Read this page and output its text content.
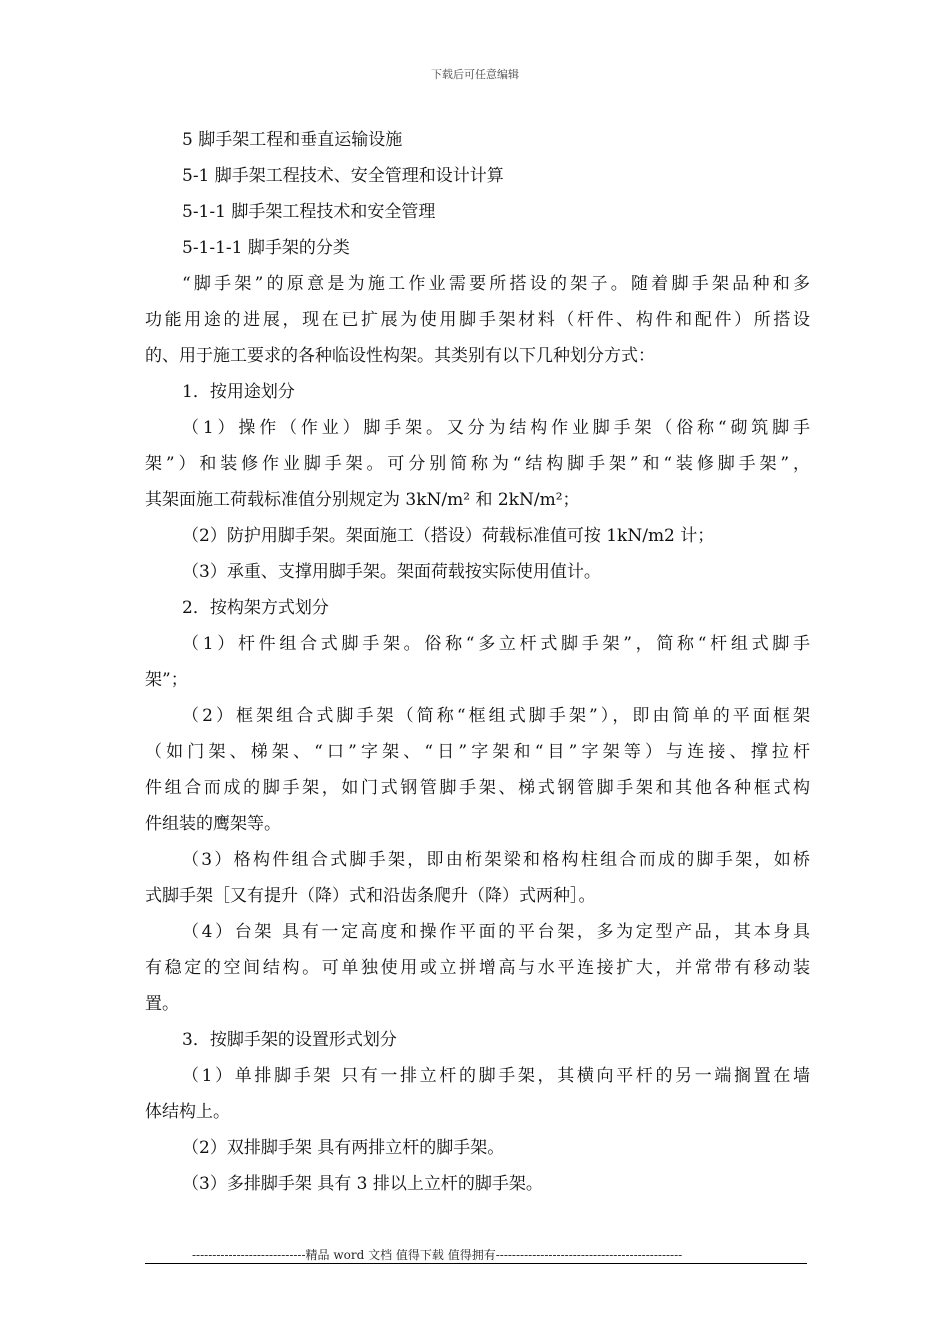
下载后可任意编辑
5 脚手架工程和垂直运输设施
5-1 脚手架工程技术、安全管理和设计计算
5-1-1 脚手架工程技术和安全管理
5-1-1-1 脚手架的分类
“脚手架”的原意是为施工作业需要所搭设的架子。随着脚手架品种和多
功能用途的进展，现在已扩展为使用脚手架材料（杆件、构件和配件）所搭设
的、用于施工要求的各种临设性构架。其类别有以下几种划分方式：
1．按用途划分
（1）操作（作业）脚手架。又分为结构作业脚手架（俗称“砌筑脚手
架”）和装修作业脚手架。可分别简称为“结构脚手架”和“装修脚手架”，
其架面施工荷载标准值分别规定为 3kN/m² 和 2kN/m²；
（2）防护用脚手架。架面施工（搭设）荷载标准值可按 1kN/m2 计；
（3）承重、支撑用脚手架。架面荷载按实际使用值计。
2．按构架方式划分
（1）杆件组合式脚手架。俗称“多立杆式脚手架”，简称“杆组式脚手
架”；
（2）框架组合式脚手架（简称“框组式脚手架”），即由简单的平面框架
（如门架、梯架、“口”字架、“日”字架和“目”字架等）与连接、撑拉杆
件组合而成的脚手架，如门式钢管脚手架、梯式钢管脚手架和其他各种框式构
件组装的鹰架等。
（3）格构件组合式脚手架，即由桁架梁和格构柱组合而成的脚手架，如桥
式脚手架［又有提升（降）式和沿齿条爬升（降）式两种］。
（4）台架 具有一定高度和操作平面的平台架，多为定型产品，其本身具
有稳定的空间结构。可单独使用或立拼增高与水平连接扩大，并常带有移动装
置。
3．按脚手架的设置形式划分
（1）单排脚手架 只有一排立杆的脚手架，其横向平杆的另一端搁置在墙
体结构上。
（2）双排脚手架 具有两排立杆的脚手架。
（3）多排脚手架 具有 3 排以上立杆的脚手架。
----------------------------精品 word 文档 值得下载 值得拥有----------------------------------------------
